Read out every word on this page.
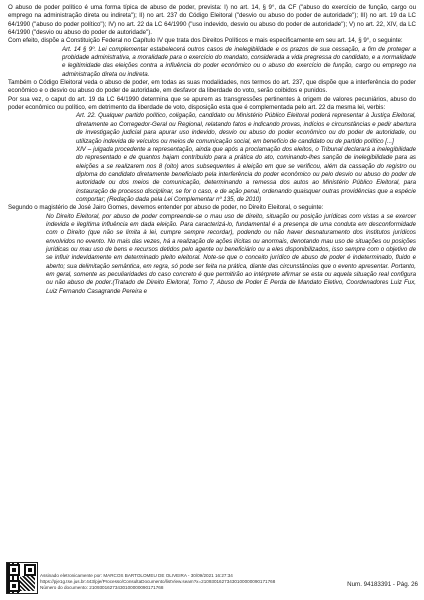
O abuso de poder político é uma forma típica de abuso de poder, prevista: I) no art. 14, § 9°, da CF ("abuso do exercício de função, cargo ou emprego na administração direta ou indireta"); II) no art. 237 do Código Eleitoral ("desvio ou abuso do poder de autoridade"); III) no art. 19 da LC 64/1990 ("abuso do poder político"); IV) no art. 22 da LC 64/1990 ("uso indevido, desvio ou abuso do poder de autoridade"); V) no art. 22, XIV, da LC 64/1990 ("desvio ou abuso do poder de autoridade").

Com efeito, dispõe a Constituição Federal no Capítulo IV que trata dos Direitos Políticos e mais especificamente em seu art. 14, § 9°, o seguinte:

Art. 14 § 9º. Lei complementar estabelecerá outros casos de inelegibilidade e os prazos de sua cessação, a fim de proteger a probidade administrativa, a moralidade para o exercício do mandato, considerada a vida pregressa do candidato, e a normalidade e legitimidade das eleições contra a influência do poder econômico ou o abuso do exercício de função, cargo ou emprego na administração direta ou indireta.

Também o Código Eleitoral veda o abuso de poder, em todas as suas modalidades, nos termos do art. 237, que dispõe que a interferência do poder econômico e o desvio ou abuso do poder de autoridade, em desfavor da liberdade do voto, serão coibidos e punidos.

Por sua vez, o caput do art. 19 da LC 64/1990 determina que se apurem as transgressões pertinentes à origem de valores pecuniários, abuso do poder econômico ou político, em detrimento da liberdade de voto, disposição esta que é complementada pelo art. 22 da mesma lei, verbis:

Art. 22. Qualquer partido político, coligação, candidato ou Ministério Público Eleitoral poderá representar à Justiça Eleitoral, diretamente ao Corregedor-Geral ou Regional, relatando fatos e indicando provas, indícios e circunstâncias e pedir abertura de investigação judicial para apurar uso indevido, desvio ou abuso do poder econômico ou do poder de autoridade, ou utilização indevida de veículos ou meios de comunicação social, em benefício de candidato ou de partido político [...]

XIV – julgada procedente a representação, ainda que após a proclamação dos eleitos, o Tribunal declarará a inelegibilidade do representado e de quantos hajam contribuído para a prática do ato, cominando-lhes sanção de inelegibilidade para as eleições a se realizarem nos 8 (oito) anos subsequentes à eleição em que se verificou, além da cassação do registro ou diploma do candidato diretamente beneficiado pela interferência do poder econômico ou pelo desvio ou abuso do poder de autoridade ou dos meios de comunicação, determinando a remessa dos autos ao Ministério Público Eleitoral, para instauração de processo disciplinar, se for o caso, e de ação penal, ordenando quaisquer outras providências que a espécie comportar; (Redação dada pela Lei Complementar nº 135, de 2010)

Segundo o magistério de José Jairo Gomes, devemos entender por abuso de poder, no Direito Eleitoral, o seguinte:

No Direito Eleitoral, por abuso de poder compreende-se o mau uso de direito, situação ou posição jurídicas com vistas a se exercer indevida e ilegítima influência em dada eleição. Para caracterizá-lo, fundamental é a presença de uma conduta em desconformidade com o Direito (que não se limita à lei, cumpre sempre recordar), podendo ou não haver desnaturamento dos institutos jurídicos envolvidos no evento. No mais das vezes, há a realização de ações ilícitas ou anormais, denotando mau uso de situações ou posições jurídicas ou mau uso de bens e recursos detidos pelo agente ou beneficiário ou a eles disponibilizados, isso sempre com o objetivo de se influir indevidamente em determinado pleito eleitoral. Note-se que o conceito jurídico de abuso de poder é indeterminado, fluido e aberto; sua delimitação semântica, em regra, só pode ser feita na prática, diante das circunstâncias que o evento apresentar. Portanto, em geral, somente as peculiaridades do caso concreto é que permitirão ao intérprete afirmar se esta ou aquela situação real configura ou não abuso de poder.(Tratado de Direito Eleitoral, Tomo 7, Abuso de Poder E Perda de Mandato Eletivo, Coordenadores Luiz Fux, Luiz Fernando Casagrande Pereira e

Assinado eletronicamente por: MARCOS BARTOLOMEU DE OLIVEIRA - 30/09/2021 16:27:34
https://pje1g.tse.jus.br:443/pje/Processo/ConsultaDocumento/listView.seam?x=21093016273430100000090171768
Número do documento: 21093016273430100000090171768	Num. 94183391 - Pág. 26
